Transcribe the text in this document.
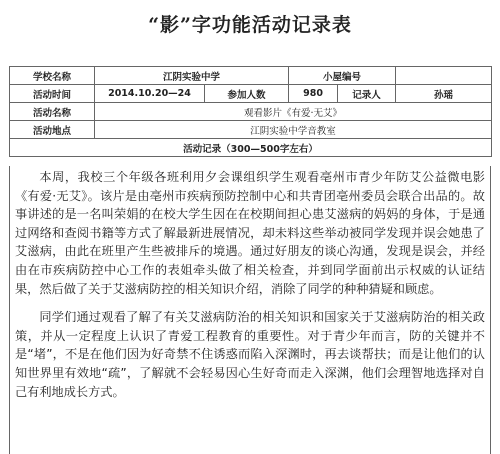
“影”字功能活动记录表
学校名称	江阴实验中学		小屋编号		
活动时间	2014.10.20—24	参加人数	980	记录人	孙瑶
活动名称	观看影片《有爱·无艾》				
活动地点	江阴实验中学音教室				
活动记录（300—500字左右）					

本周，我校三个年级各班利用夕会课组织学生观看亳州市青少年防艾公益微电影《有爱·无艾》。该片是由亳州市疾病预防控制中心和共青团亳州委员会联合出品的。故事讲述的是一名叫荣娟的在校大学生因在在校期间担心患艾滋病的妈妈的身体，于是通过网络和查阅书籍等方式了解最新进展情况，却未料这些举动被同学发现并误会她患了艾滋病，由此在班里产生些被排斥的境遇。通过好朋友的谈心沟通，发现是误会，并经由在市疾病防控中心工作的表姐牵头做了相关检查，并到同学面前出示权威的认证结果，然后做了关于艾滋病防控的相关知识介绍，消除了同学的种种猜疑和顾虑。

同学们通过观看了解了有关艾滋病防治的相关知识和国家关于艾滋病防治的相关政策，并从一定程度上认识了青爱工程教育的重要性。对于青少年而言，防的关键并不是“堵”，不是在他们因为好奇禁不住诱惑而陷入深渊时，再去谈帮扶；而是让他们的认知世界里有效地“疏”，了解就不会轻易因心生好奇而走入深渊，他们会理智地选择对自己有利地成长方式。
